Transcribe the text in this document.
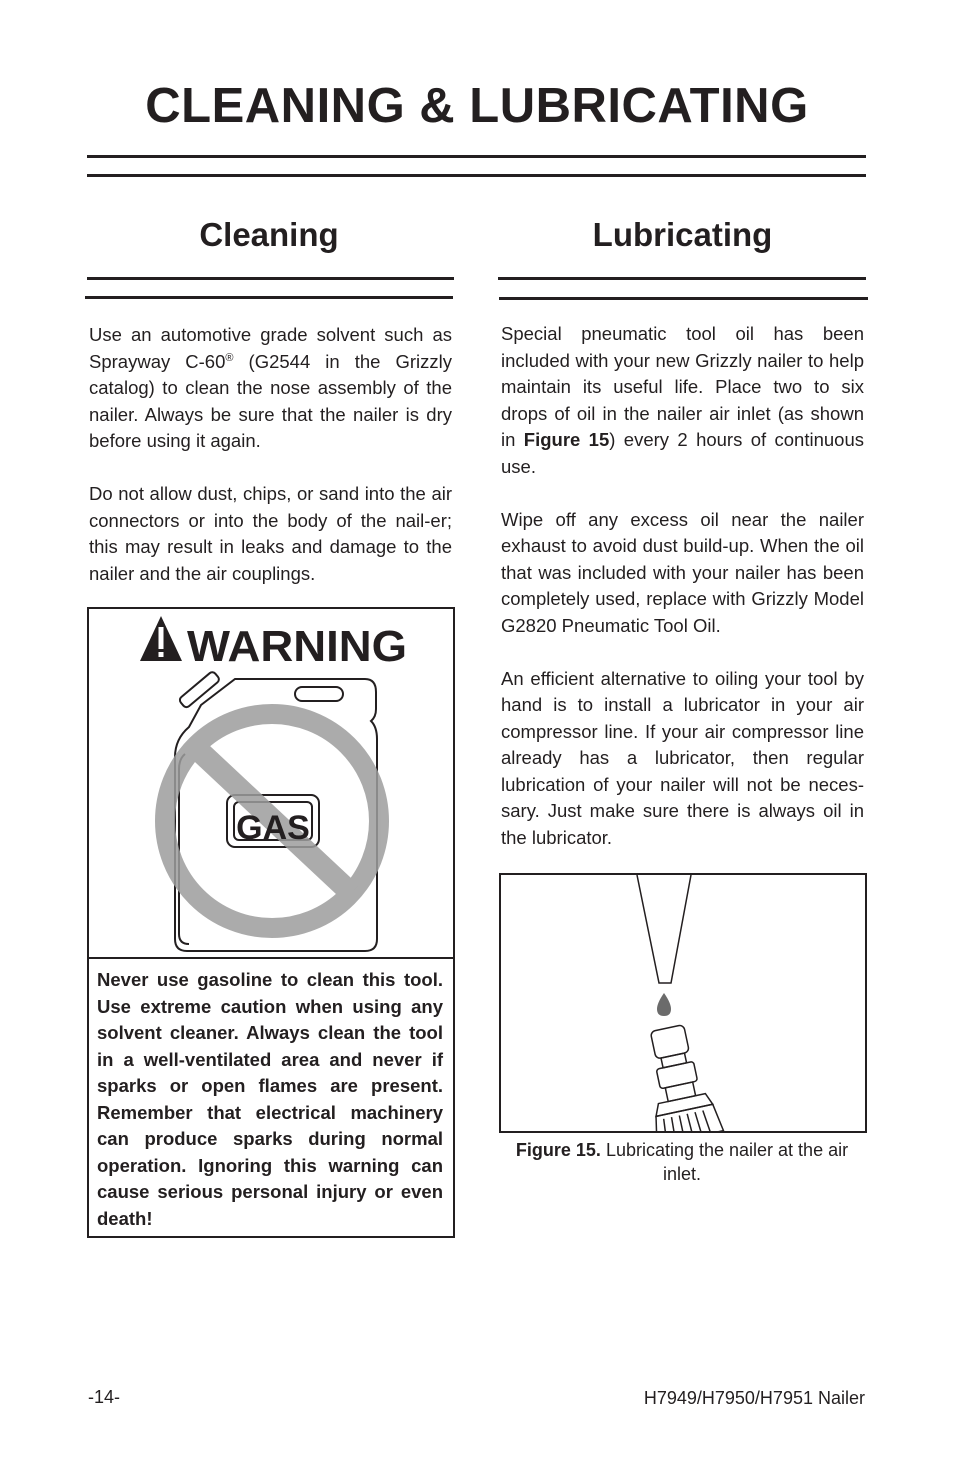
CLEANING & LUBRICATING
Cleaning

Use an automotive grade solvent such as Sprayway C-60® (G2544 in the Grizzly catalog) to clean the nose assembly of the nailer. Always be sure that the nailer is dry before using it again.

Do not allow dust, chips, or sand into the air connectors or into the body of the nail-er; this may result in leaks and damage to the nailer and the air couplings.

WARNING
GAS

Never use gasoline to clean this tool. Use extreme caution when using any solvent cleaner. Always clean the tool in a well-ventilated area and never if sparks or open flames are present. Remember that electrical machinery can produce sparks during normal operation. Ignoring this warning can cause serious personal injury or even death!

Lubricating

Special pneumatic tool oil has been included with your new Grizzly nailer to help maintain its useful life. Place two to six drops of oil in the nailer air inlet (as shown in Figure 15) every 2 hours of continuous use.

Wipe off any excess oil near the nailer exhaust to avoid dust build-up. When the oil that was included with your nailer has been completely used, replace with Grizzly Model G2820 Pneumatic Tool Oil.

An efficient alternative to oiling your tool by hand is to install a lubricator in your air compressor line. If your air compressor line already has a lubricator, then regular lubrication of your nailer will not be neces-sary. Just make sure there is always oil in the lubricator.

Figure 15. Lubricating the nailer at the air inlet.

-14-	H7949/H7950/H7951 Nailer
